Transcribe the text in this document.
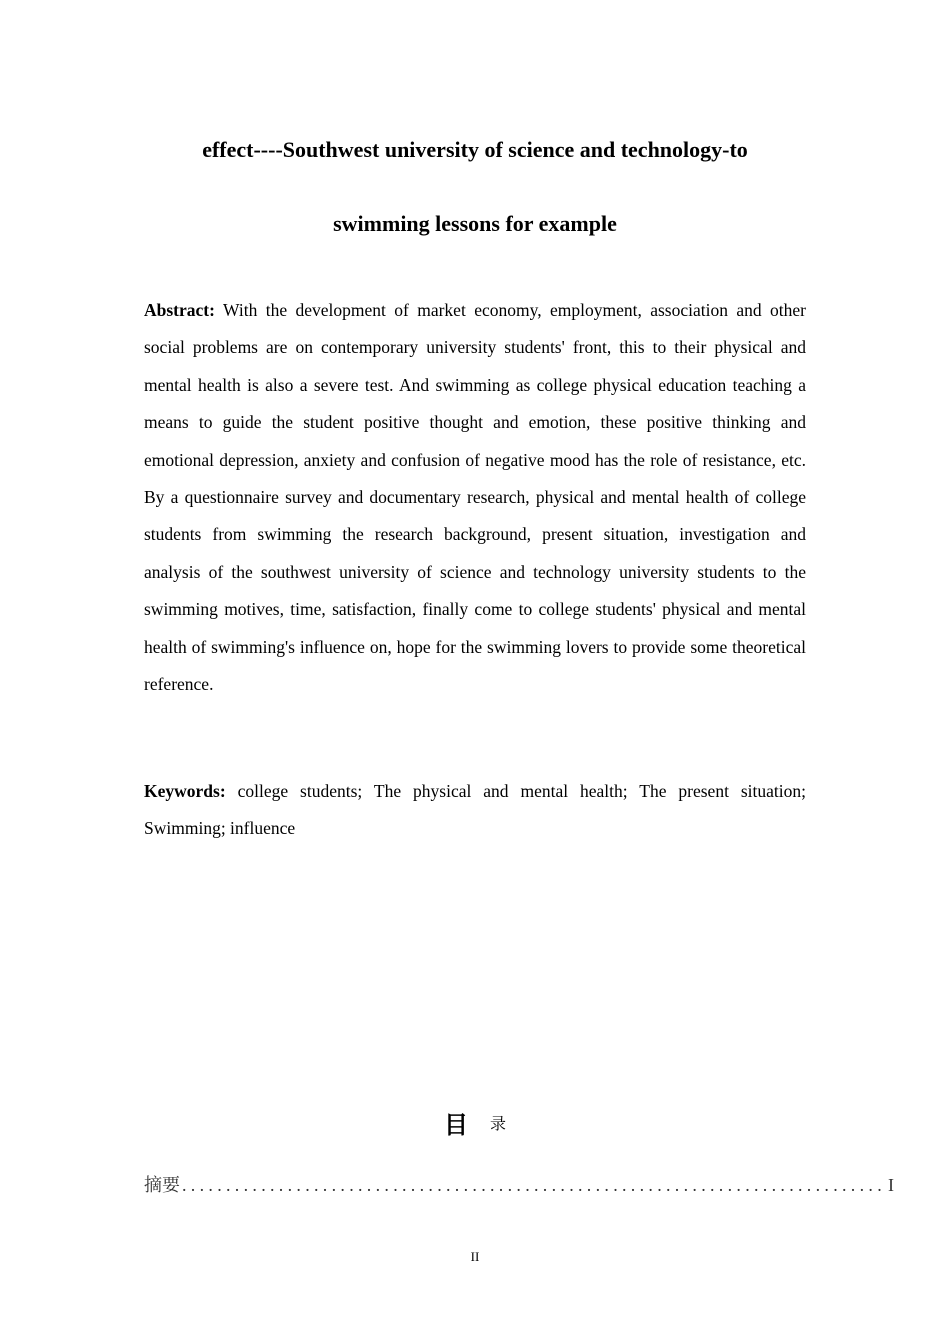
effect----Southwest university of science and technology-to
swimming lessons for example

Abstract: With the development of market economy, employment, association and other social problems are on contemporary university students' front, this to their physical and mental health is also a severe test. And swimming as college physical education teaching a means to guide the student positive thought and emotion, these positive thinking and emotional depression, anxiety and confusion of negative mood has the role of resistance, etc. By a questionnaire survey and documentary research, physical and mental health of college students from swimming the research background, present situation, investigation and analysis of the southwest university of science and technology university students to the swimming motives, time, satisfaction, finally come to college students' physical and mental health of swimming's influence on, hope for the swimming lovers to provide some theoretical reference.

Keywords: college students; The physical and mental health; The present situation; Swimming; influence

目 录
摘要 ................................................................................ I
II
